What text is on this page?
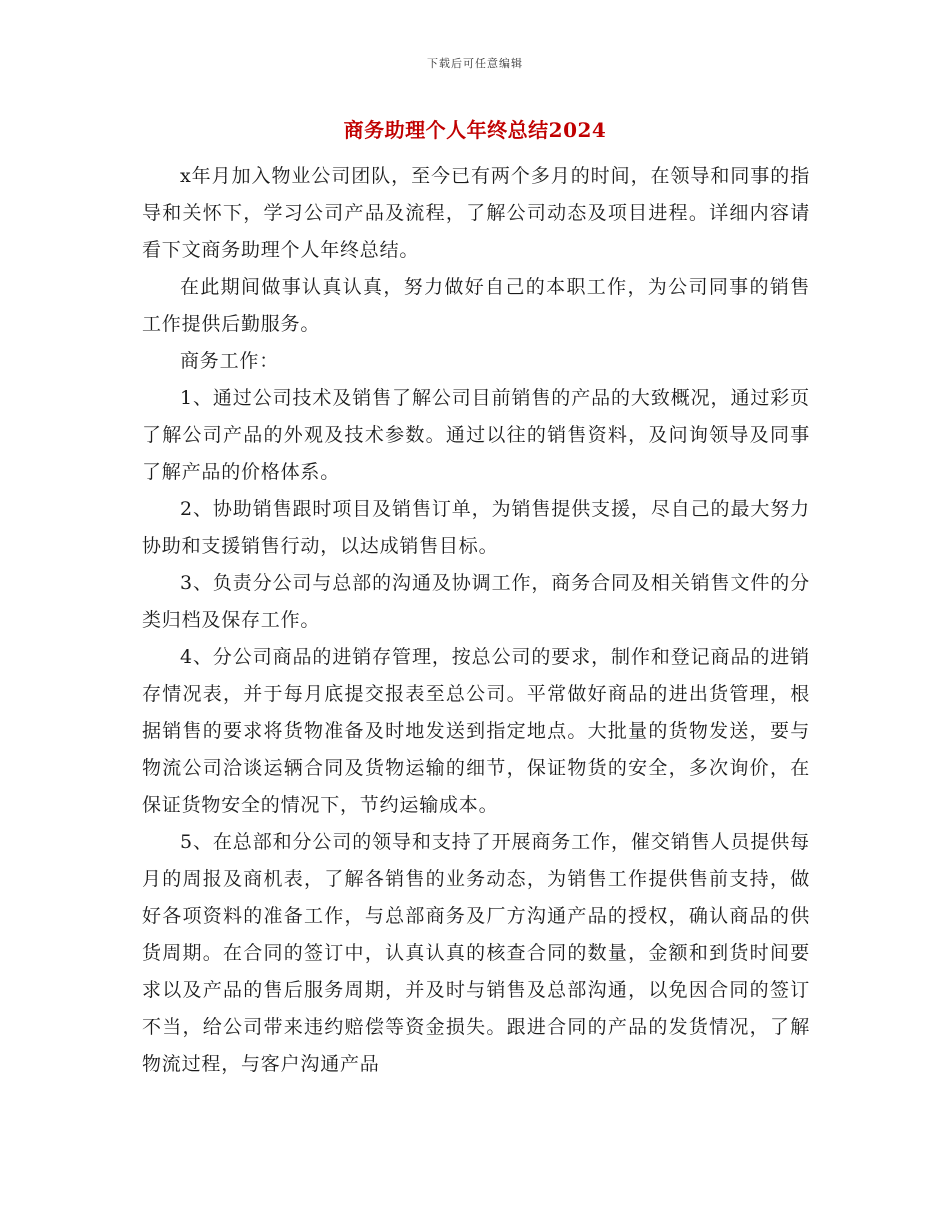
下载后可任意编辑
商务助理个人年终总结2024

x年月加入物业公司团队，至今已有两个多月的时间，在领导和同事的指导和关怀下，学习公司产品及流程，了解公司动态及项目进程。详细内容请看下文商务助理个人年终总结。

在此期间做事认真认真，努力做好自己的本职工作，为公司同事的销售工作提供后勤服务。

商务工作：

1、通过公司技术及销售了解公司目前销售的产品的大致概况，通过彩页了解公司产品的外观及技术参数。通过以往的销售资料，及问询领导及同事了解产品的价格体系。

2、协助销售跟时项目及销售订单，为销售提供支援，尽自己的最大努力协助和支援销售行动，以达成销售目标。

3、负责分公司与总部的沟通及协调工作，商务合同及相关销售文件的分类归档及保存工作。

4、分公司商品的进销存管理，按总公司的要求，制作和登记商品的进销存情况表，并于每月底提交报表至总公司。平常做好商品的进出货管理，根据销售的要求将货物准备及时地发送到指定地点。大批量的货物发送，要与物流公司洽谈运辆合同及货物运输的细节，保证物货的安全，多次询价，在保证货物安全的情况下，节约运输成本。

5、在总部和分公司的领导和支持了开展商务工作，催交销售人员提供每月的周报及商机表，了解各销售的业务动态，为销售工作提供售前支持，做好各项资料的准备工作，与总部商务及厂方沟通产品的授权，确认商品的供货周期。在合同的签订中，认真认真的核查合同的数量，金额和到货时间要求以及产品的售后服务周期，并及时与销售及总部沟通，以免因合同的签订不当，给公司带来违约赔偿等资金损失。跟进合同的产品的发货情况，了解物流过程，与客户沟通产品
